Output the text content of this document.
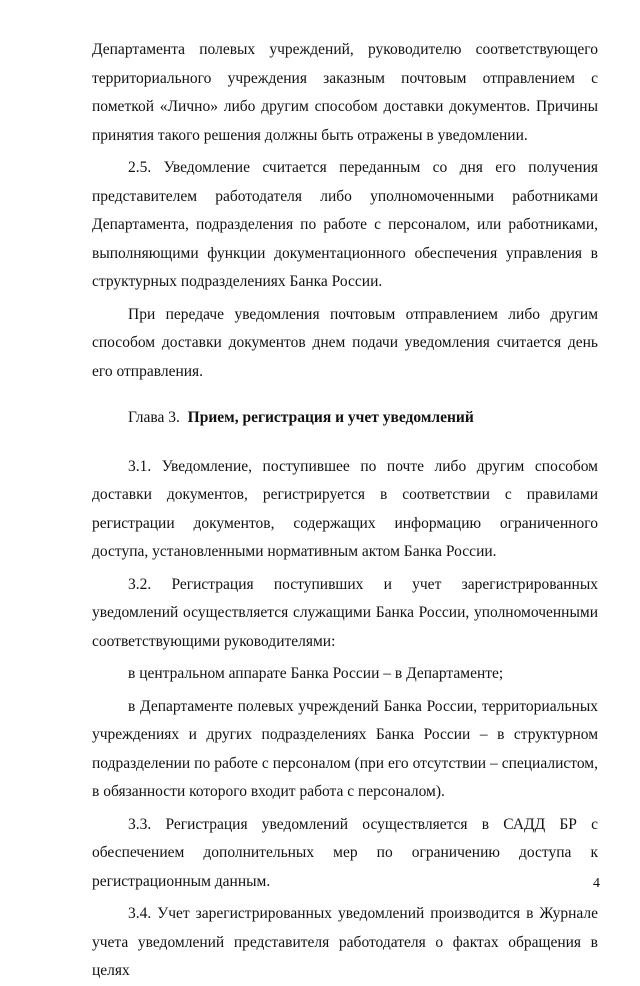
Департамента полевых учреждений, руководителю соответствующего территориального учреждения заказным почтовым отправлением с пометкой «Лично» либо другим способом доставки документов. Причины принятия такого решения должны быть отражены в уведомлении.

2.5. Уведомление считается переданным со дня его получения представителем работодателя либо уполномоченными работниками Департамента, подразделения по работе с персоналом, или работниками, выполняющими функции документационного обеспечения управления в структурных подразделениях Банка России.

При передаче уведомления почтовым отправлением либо другим способом доставки документов днем подачи уведомления считается день его отправления.

Глава 3. Прием, регистрация и учет уведомлений

3.1. Уведомление, поступившее по почте либо другим способом доставки документов, регистрируется в соответствии с правилами регистрации документов, содержащих информацию ограниченного доступа, установленными нормативным актом Банка России.

3.2. Регистрация поступивших и учет зарегистрированных уведомлений осуществляется служащими Банка России, уполномоченными соответствующими руководителями:

в центральном аппарате Банка России – в Департаменте;

в Департаменте полевых учреждений Банка России, территориальных учреждениях и других подразделениях Банка России – в структурном подразделении по работе с персоналом (при его отсутствии – специалистом, в обязанности которого входит работа с персоналом).

3.3. Регистрация уведомлений осуществляется в САДД БР с обеспечением дополнительных мер по ограничению доступа к регистрационным данным.

3.4. Учет зарегистрированных уведомлений производится в Журнале учета уведомлений представителя работодателя о фактах обращения в целях

4
